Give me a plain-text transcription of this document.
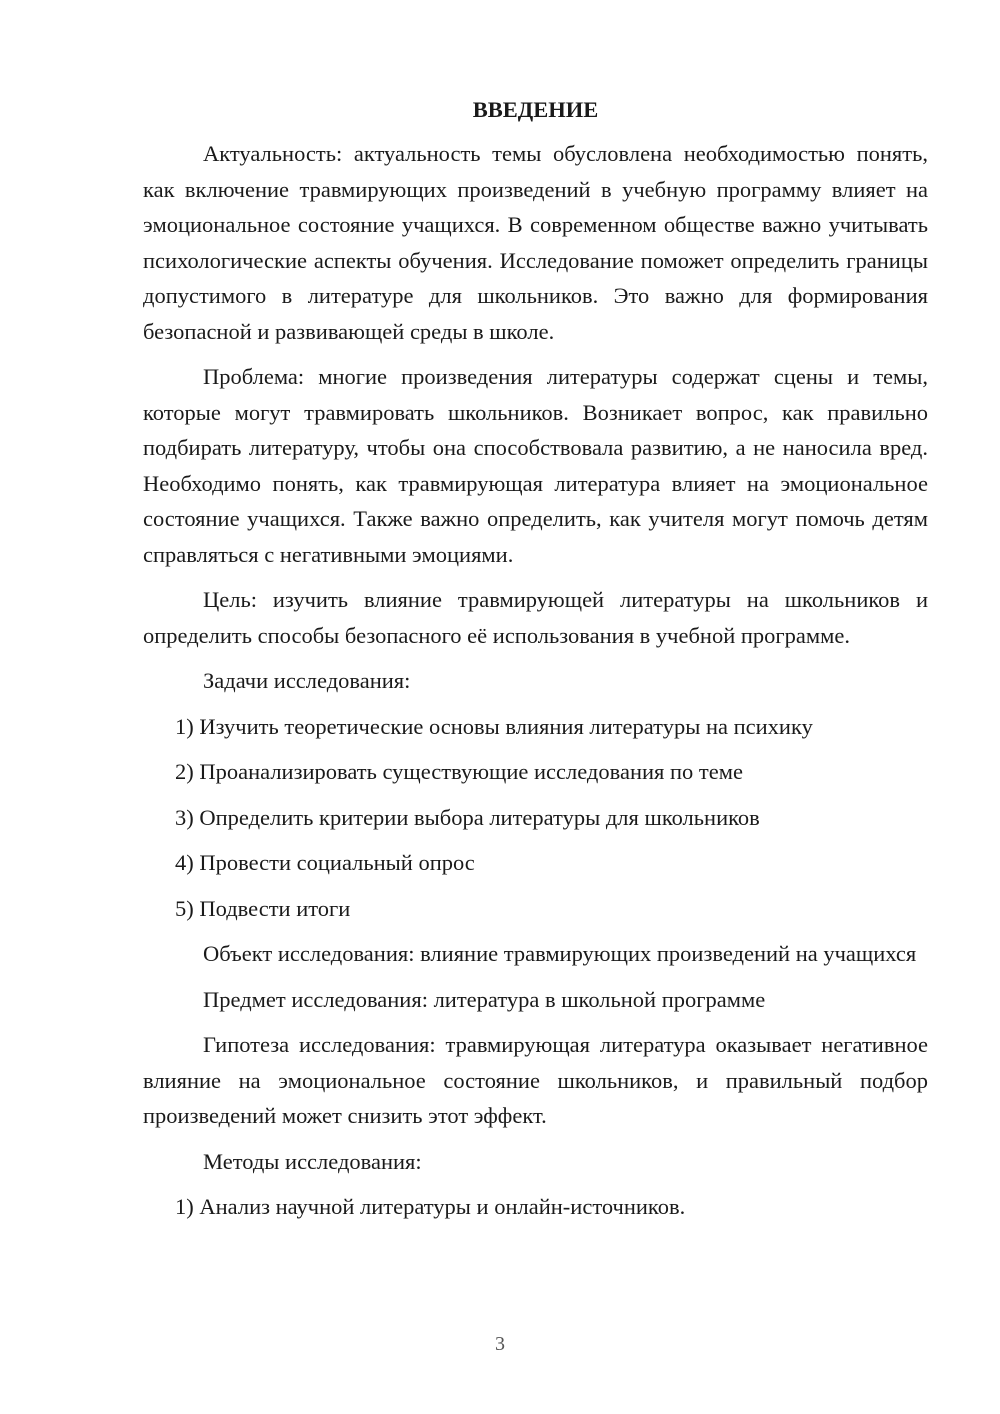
ВВЕДЕНИЕ

Актуальность: актуальность темы обусловлена необходимостью понять, как включение травмирующих произведений в учебную программу влияет на эмоциональное состояние учащихся. В современном обществе важно учитывать психологические аспекты обучения. Исследование поможет определить границы допустимого в литературе для школьников. Это важно для формирования безопасной и развивающей среды в школе.

Проблема: многие произведения литературы содержат сцены и темы, которые могут травмировать школьников. Возникает вопрос, как правильно подбирать литературу, чтобы она способствовала развитию, а не наносила вред. Необходимо понять, как травмирующая литература влияет на эмоциональное состояние учащихся. Также важно определить, как учителя могут помочь детям справляться с негативными эмоциями.

Цель: изучить влияние травмирующей литературы на школьников и определить способы безопасного её использования в учебной программе.

Задачи исследования:

1) Изучить теоретические основы влияния литературы на психику

2) Проанализировать существующие исследования по теме

3) Определить критерии выбора литературы для школьников

4) Провести социальный опрос

5) Подвести итоги

Объект исследования: влияние травмирующих произведений на учащихся

Предмет исследования: литература в школьной программе

Гипотеза исследования: травмирующая литература оказывает негативное влияние на эмоциональное состояние школьников, и правильный подбор произведений может снизить этот эффект.

Методы исследования:

1) Анализ научной литературы и онлайн-источников.

3
